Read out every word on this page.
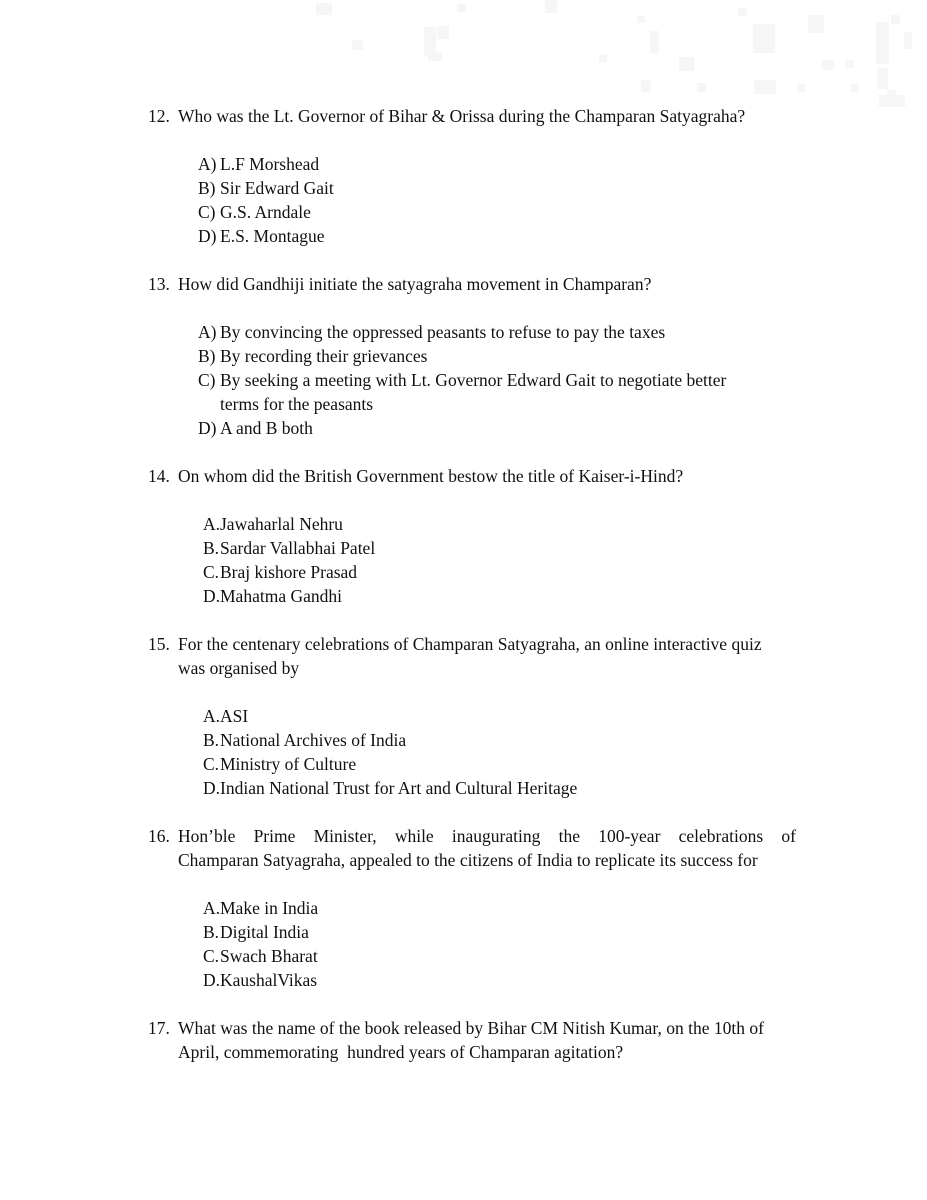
12. Who was the Lt. Governor of Bihar & Orissa during the Champaran Satyagraha?
A) L.F Morshead
B) Sir Edward Gait
C) G.S. Arndale
D) E.S. Montague
13. How did Gandhiji initiate the satyagraha movement in Champaran?
A) By convincing the oppressed peasants to refuse to pay the taxes
B) By recording their grievances
C) By seeking a meeting with Lt. Governor Edward Gait to negotiate better
terms for the peasants
D) A and B both
14. On whom did the British Government bestow the title of Kaiser-i-Hind?
A. Jawaharlal Nehru
B. Sardar Vallabhai Patel
C. Braj kishore Prasad
D. Mahatma Gandhi
15. For the centenary celebrations of Champaran Satyagraha, an online interactive quiz
was organised by
A. ASI
B. National Archives of India
C. Ministry of Culture
D. Indian National Trust for Art and Cultural Heritage
16. Hon’ble Prime Minister, while inaugurating the 100-year celebrations of
Champaran Satyagraha, appealed to the citizens of India to replicate its success for
A. Make in India
B. Digital India
C. Swach Bharat
D. KaushalVikas
17. What was the name of the book released by Bihar CM Nitish Kumar, on the 10th of
April, commemorating  hundred years of Champaran agitation?
